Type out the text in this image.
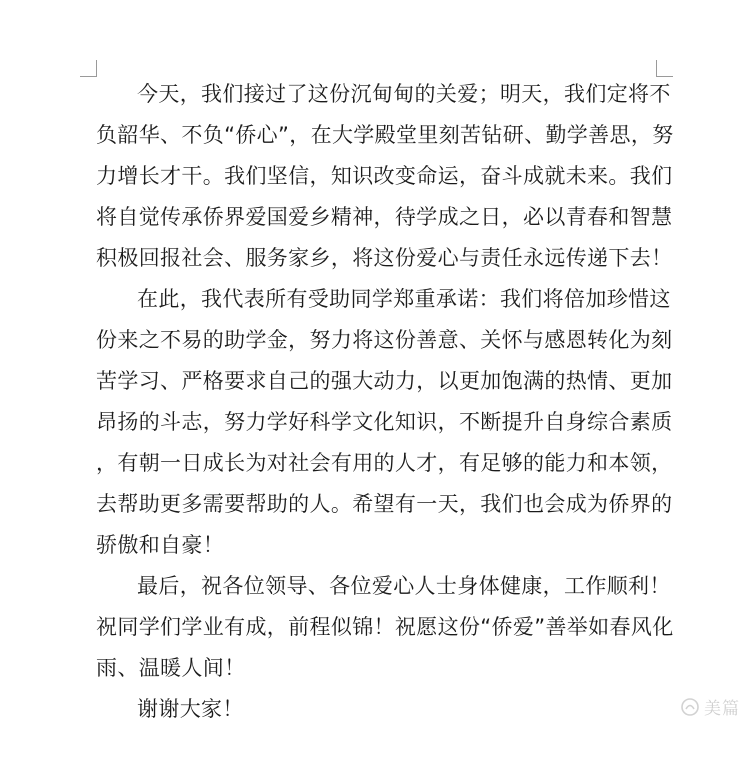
今天，我们接过了这份沉甸甸的关爱；明天，我们定将不
负韶华、不负“侨心”，在大学殿堂里刻苦钻研、勤学善思，努
力增长才干。我们坚信，知识改变命运，奋斗成就未来。我们
将自觉传承侨界爱国爱乡精神，待学成之日，必以青春和智慧
积极回报社会、服务家乡，将这份爱心与责任永远传递下去！
在此，我代表所有受助同学郑重承诺：我们将倍加珍惜这
份来之不易的助学金，努力将这份善意、关怀与感恩转化为刻
苦学习、严格要求自己的强大动力，以更加饱满的热情、更加
昂扬的斗志，努力学好科学文化知识，不断提升自身综合素质
，有朝一日成长为对社会有用的人才，有足够的能力和本领，
去帮助更多需要帮助的人。希望有一天，我们也会成为侨界的
骄傲和自豪！
最后，祝各位领导、各位爱心人士身体健康，工作顺利！
祝同学们学业有成，前程似锦！祝愿这份“侨爱”善举如春风化
雨、温暖人间！
谢谢大家！	美篇
